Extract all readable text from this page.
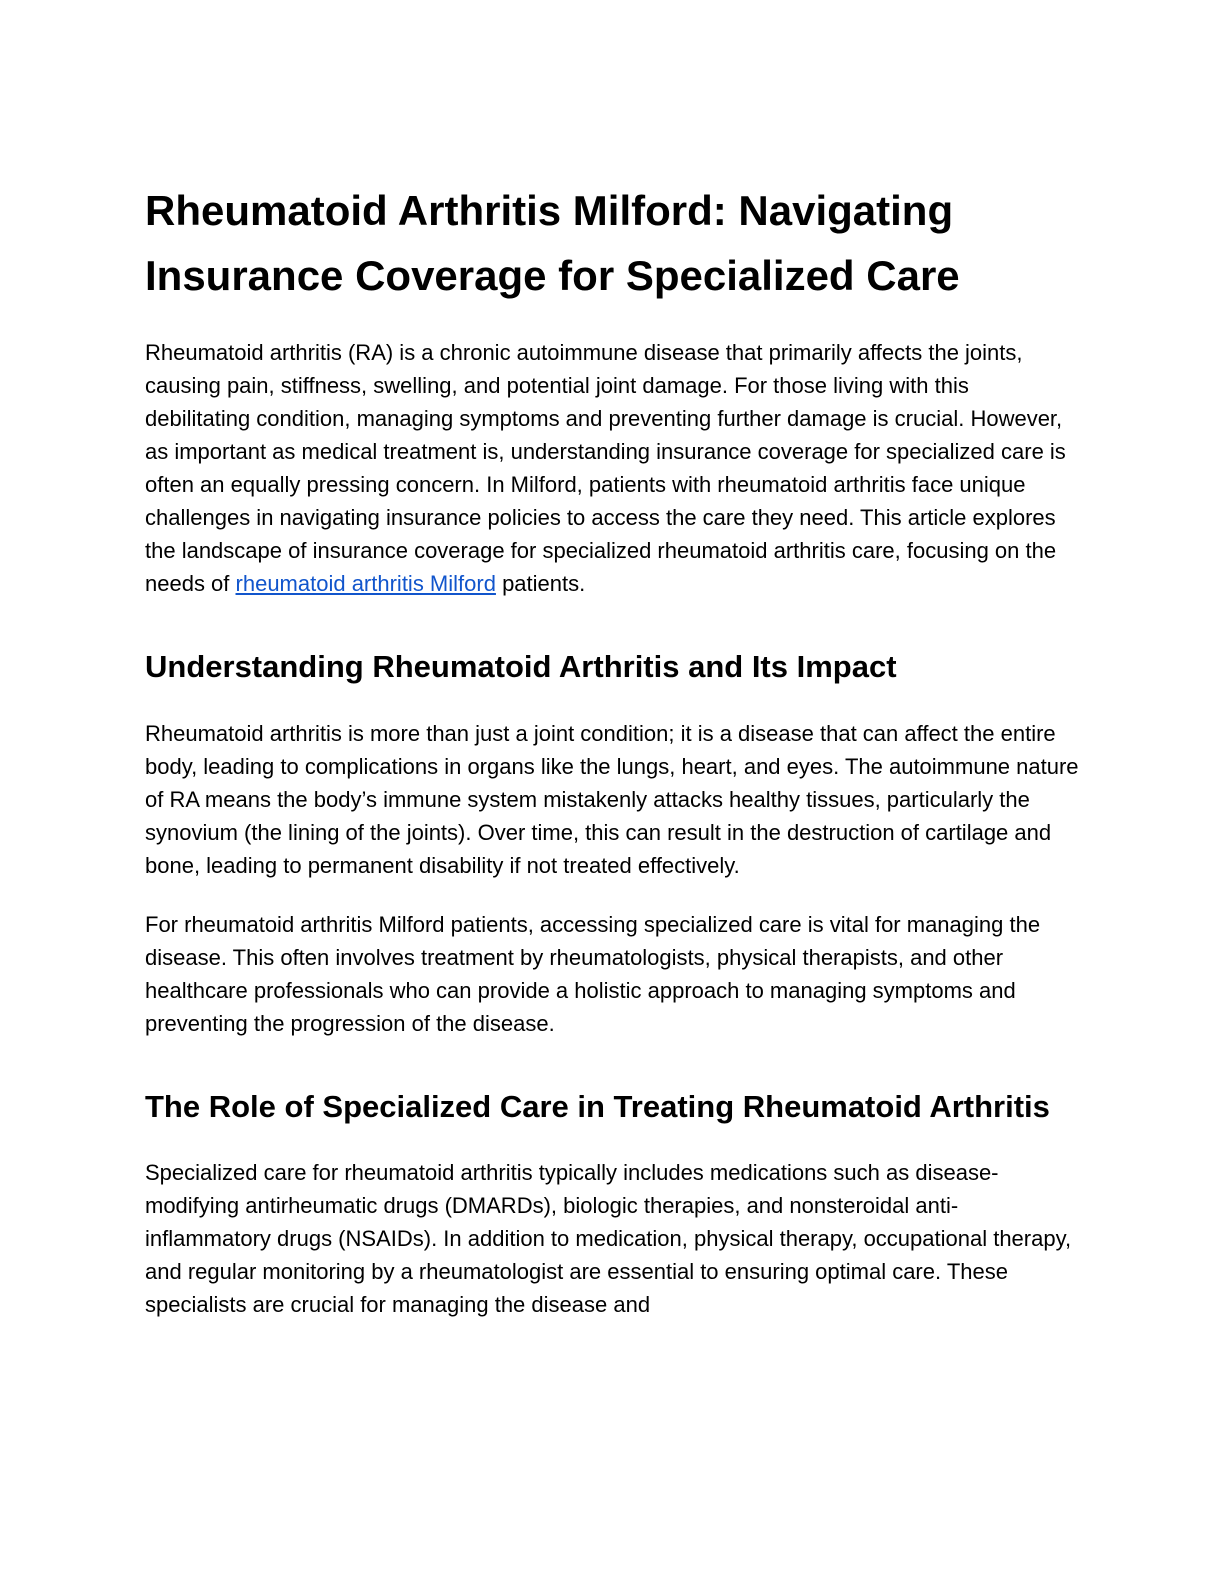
Rheumatoid Arthritis Milford: Navigating Insurance Coverage for Specialized Care

Rheumatoid arthritis (RA) is a chronic autoimmune disease that primarily affects the joints, causing pain, stiffness, swelling, and potential joint damage. For those living with this debilitating condition, managing symptoms and preventing further damage is crucial. However, as important as medical treatment is, understanding insurance coverage for specialized care is often an equally pressing concern. In Milford, patients with rheumatoid arthritis face unique challenges in navigating insurance policies to access the care they need. This article explores the landscape of insurance coverage for specialized rheumatoid arthritis care, focusing on the needs of rheumatoid arthritis Milford patients.

Understanding Rheumatoid Arthritis and Its Impact

Rheumatoid arthritis is more than just a joint condition; it is a disease that can affect the entire body, leading to complications in organs like the lungs, heart, and eyes. The autoimmune nature of RA means the body’s immune system mistakenly attacks healthy tissues, particularly the synovium (the lining of the joints). Over time, this can result in the destruction of cartilage and bone, leading to permanent disability if not treated effectively.

For rheumatoid arthritis Milford patients, accessing specialized care is vital for managing the disease. This often involves treatment by rheumatologists, physical therapists, and other healthcare professionals who can provide a holistic approach to managing symptoms and preventing the progression of the disease.

The Role of Specialized Care in Treating Rheumatoid Arthritis

Specialized care for rheumatoid arthritis typically includes medications such as disease-modifying antirheumatic drugs (DMARDs), biologic therapies, and nonsteroidal anti-inflammatory drugs (NSAIDs). In addition to medication, physical therapy, occupational therapy, and regular monitoring by a rheumatologist are essential to ensuring optimal care. These specialists are crucial for managing the disease and
